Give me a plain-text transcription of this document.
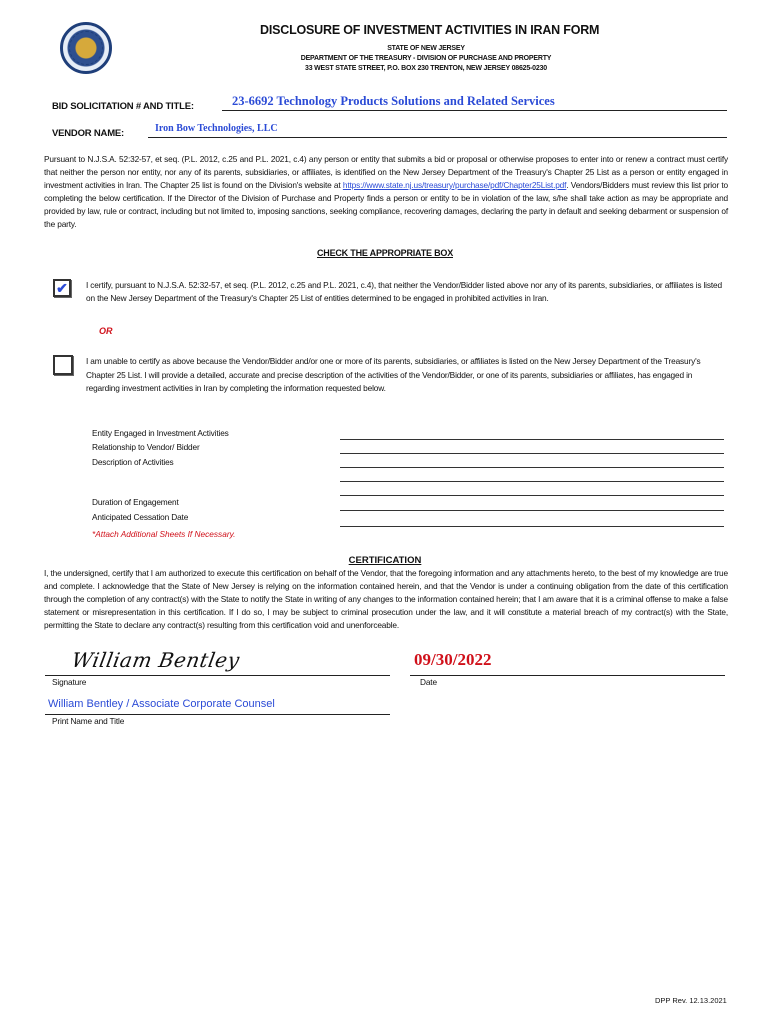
DISCLOSURE OF INVESTMENT ACTIVITIES IN IRAN FORM
STATE OF NEW JERSEY
DEPARTMENT OF THE TREASURY - DIVISION OF PURCHASE AND PROPERTY
33 WEST STATE STREET, P.O. BOX 230 TRENTON, NEW JERSEY 08625-0230
BID SOLICITATION # AND TITLE:	23-6692 Technology Products Solutions and Related Services
VENDOR NAME:	Iron Bow Technologies, LLC
Pursuant to N.J.S.A. 52:32-57, et seq. (P.L. 2012, c.25 and P.L. 2021, c.4) any person or entity that submits a bid or proposal or otherwise proposes to enter into or renew a contract must certify that neither the person nor entity, nor any of its parents, subsidiaries, or affiliates, is identified on the New Jersey Department of the Treasury's Chapter 25 List as a person or entity engaged in investment activities in Iran. The Chapter 25 list is found on the Division's website at https://www.state.nj.us/treasury/purchase/pdf/Chapter25List.pdf. Vendors/Bidders must review this list prior to completing the below certification. If the Director of the Division of Purchase and Property finds a person or entity to be in violation of the law, s/he shall take action as may be appropriate and provided by law, rule or contract, including but not limited to, imposing sanctions, seeking compliance, recovering damages, declaring the party in default and seeking debarment or suspension of the party.
CHECK THE APPROPRIATE BOX
✔ I certify, pursuant to N.J.S.A. 52:32-57, et seq. (P.L. 2012, c.25 and P.L. 2021, c.4), that neither the Vendor/Bidder listed above nor any of its parents, subsidiaries, or affiliates is listed on the New Jersey Department of the Treasury's Chapter 25 List of entities determined to be engaged in prohibited activities in Iran.
OR
I am unable to certify as above because the Vendor/Bidder and/or one or more of its parents, subsidiaries, or affiliates is listed on the New Jersey Department of the Treasury's Chapter 25 List. I will provide a detailed, accurate and precise description of the activities of the Vendor/Bidder, or one of its parents, subsidiaries or affiliates, has engaged in regarding investment activities in Iran by completing the information requested below.
Entity Engaged in Investment Activities
Relationship to Vendor/ Bidder
Description of Activities
Duration of Engagement
Anticipated Cessation Date
*Attach Additional Sheets If Necessary.
CERTIFICATION
I, the undersigned, certify that I am authorized to execute this certification on behalf of the Vendor, that the foregoing information and any attachments hereto, to the best of my knowledge are true and complete. I acknowledge that the State of New Jersey is relying on the information contained herein, and that the Vendor is under a continuing obligation from the date of this certification through the completion of any contract(s) with the State to notify the State in writing of any changes to the information contained herein; that I am aware that it is a criminal offense to make a false statement or misrepresentation in this certification. If I do so, I may be subject to criminal prosecution under the law, and it will constitute a material breach of my contract(s) with the State, permitting the State to declare any contract(s) resulting from this certification void and unenforceable.
William Bentley
Signature
09/30/2022
Date
William Bentley / Associate Corporate Counsel
Print Name and Title
DPP Rev. 12.13.2021
